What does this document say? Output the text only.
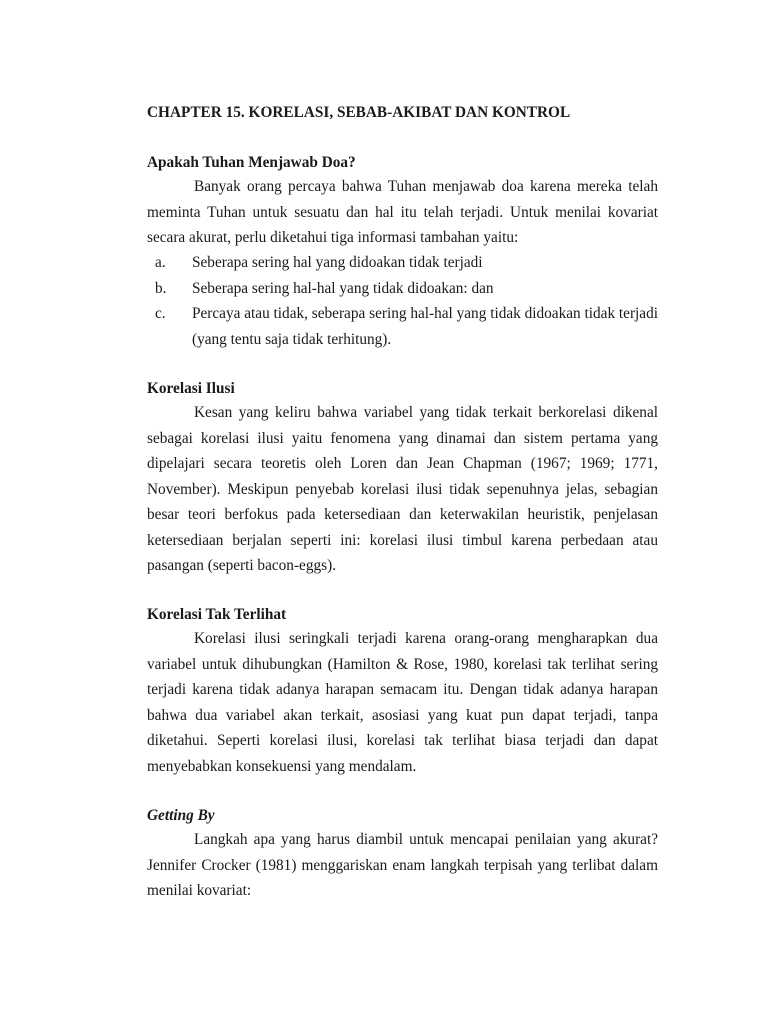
CHAPTER 15. KORELASI, SEBAB-AKIBAT DAN KONTROL
Apakah Tuhan Menjawab Doa?

Banyak orang percaya bahwa Tuhan menjawab doa karena mereka telah meminta Tuhan untuk sesuatu dan hal itu telah terjadi. Untuk menilai kovariat secara akurat, perlu diketahui tiga informasi tambahan yaitu:

a. Seberapa sering hal yang didoakan tidak terjadi
b. Seberapa sering hal-hal yang tidak didoakan: dan
c. Percaya atau tidak, seberapa sering hal-hal yang tidak didoakan tidak terjadi (yang tentu saja tidak terhitung).
Korelasi Ilusi

Kesan yang keliru bahwa variabel yang tidak terkait berkorelasi dikenal sebagai korelasi ilusi yaitu fenomena yang dinamai dan sistem pertama yang dipelajari secara teoretis oleh Loren dan Jean Chapman (1967; 1969; 1771, November). Meskipun penyebab korelasi ilusi tidak sepenuhnya jelas, sebagian besar teori berfokus pada ketersediaan dan keterwakilan heuristik, penjelasan ketersediaan berjalan seperti ini: korelasi ilusi timbul karena perbedaan atau pasangan (seperti bacon-eggs).

Korelasi Tak Terlihat

Korelasi ilusi seringkali terjadi karena orang-orang mengharapkan dua variabel untuk dihubungkan (Hamilton & Rose, 1980, korelasi tak terlihat sering terjadi karena tidak adanya harapan semacam itu. Dengan tidak adanya harapan bahwa dua variabel akan terkait, asosiasi yang kuat pun dapat terjadi, tanpa diketahui. Seperti korelasi ilusi, korelasi tak terlihat biasa terjadi dan dapat menyebabkan konsekuensi yang mendalam.

Getting By

Langkah apa yang harus diambil untuk mencapai penilaian yang akurat? Jennifer Crocker (1981) menggariskan enam langkah terpisah yang terlibat dalam menilai kovariat:
